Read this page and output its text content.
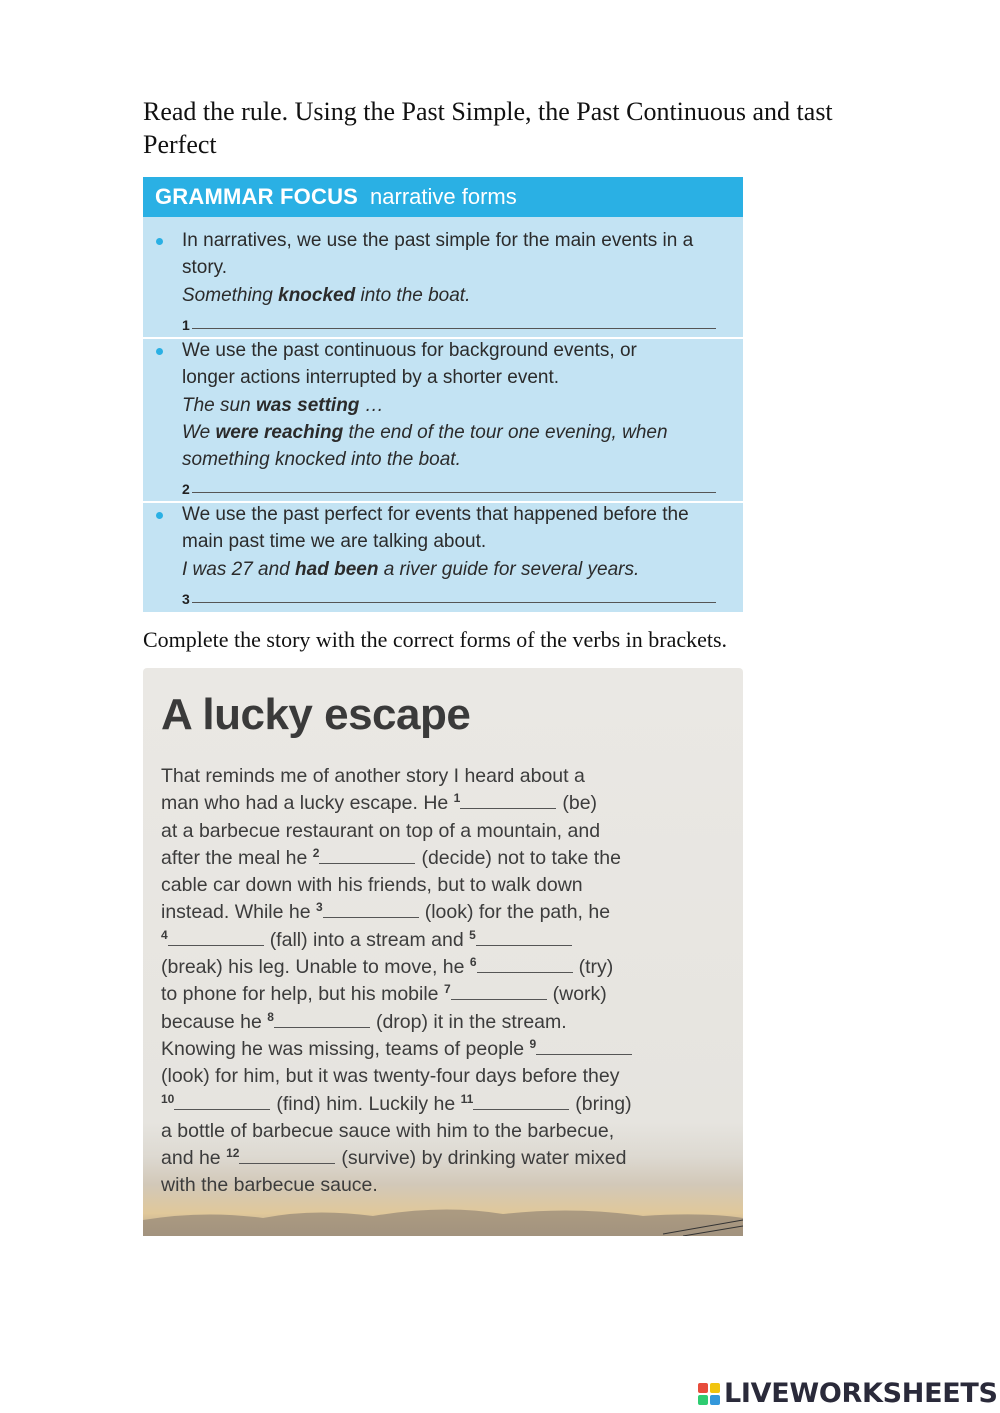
Read the rule. Using the Past Simple, the Past Continuous and tast Perfect
GRAMMAR FOCUS narrative forms
In narratives, we use the past simple for the main events in a story.
Something knocked into the boat.
1
We use the past continuous for background events, or longer actions interrupted by a shorter event.
The sun was setting …
We were reaching the end of the tour one evening, when something knocked into the boat.
2
We use the past perfect for events that happened before the main past time we are talking about.
I was 27 and had been a river guide for several years.
3
Complete the story with the correct forms of the verbs in brackets.
A lucky escape
That reminds me of another story I heard about a
man who had a lucky escape. He $^1$	(be)
at a barbecue restaurant on top of a mountain, and
after the meal he $^2$	(decide) not to take the
cable car down with his friends, but to walk down
instead. While he $^3$	(look) for the path, he
$^4$	(fall) into a stream and $^5$
(break) his leg. Unable to move, he $^6$	(try)
to phone for help, but his mobile $^7$	(work)
because he $^8$	(drop) it in the stream.
Knowing he was missing, teams of people $^9$
(look) for him, but it was twenty-four days before they
$^{10}$	(find) him. Luckily he $^{11}$	(bring)
a bottle of barbecue sauce with him to the barbecue,
and he $^{12}$	(survive) by drinking water mixed
with the barbecue sauce.
LIVEWORKSHEETS
